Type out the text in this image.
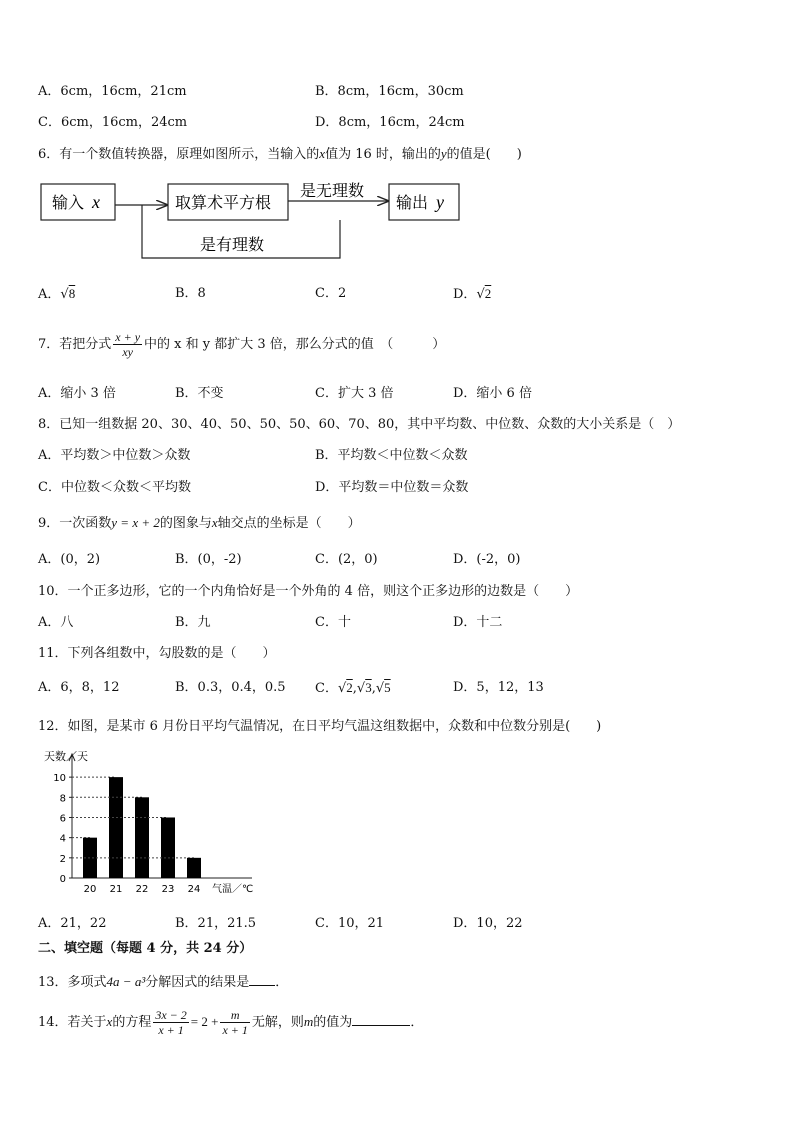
A．6cm，16cm，21cm	B．8cm，16cm，30cm
C．6cm，16cm，24cm	D．8cm，16cm，24cm
6．有一个数值转换器，原理如图所示，当输入的x值为 16 时，输出的y的值是(　　)
输入 x	取算术平方根
是无理数
输出 y
是有理数
A．√8	B．8	C．2	D．√2
7．若把分式 $\frac{x + y}{xy}$ 中的 x 和 y 都扩大 3 倍，那么分式的值　（　　　）
A．缩小 3 倍	B．不变	C．扩大 3 倍	D．缩小 6 倍
8．已知一组数据 20、30、40、50、50、50、60、70、80，其中平均数、中位数、众数的大小关系是（　）
A．平均数＞中位数＞众数	B．平均数＜中位数＜众数
C．中位数＜众数＜平均数	D．平均数＝中位数＝众数
9．一次函数y = x + 2的图象与x轴交点的坐标是（　　）
A．(0，2)	B．(0，-2)	C．(2，0)	D．(-2，0)
10．一个正多边形，它的一个内角恰好是一个外角的 4 倍，则这个正多边形的边数是（　　）
A．八	B．九	C．十	D．十二
11．下列各组数中，勾股数的是（　　）
A．6，8，12	B．0.3，0.4，0.5 C．√2,√3,√5	D．5，12，13
12．如图，是某市 6 月份日平均气温情况，在日平均气温这组数据中，众数和中位数分别是(　　)
天数／天
0
2
4
6
8
10
20 21 22 23 24 气温／℃
A．21，22	B．21，21.5	C．10，21	D．10，22
二、填空题（每题 4 分，共 24 分）
13．多项式4a − a³分解因式的结果是 ．
14．若关于x的方程 $\frac{3x - 2}{x + 1} = 2 + \frac{m}{x + 1}$ 无解，则m的值为	．
